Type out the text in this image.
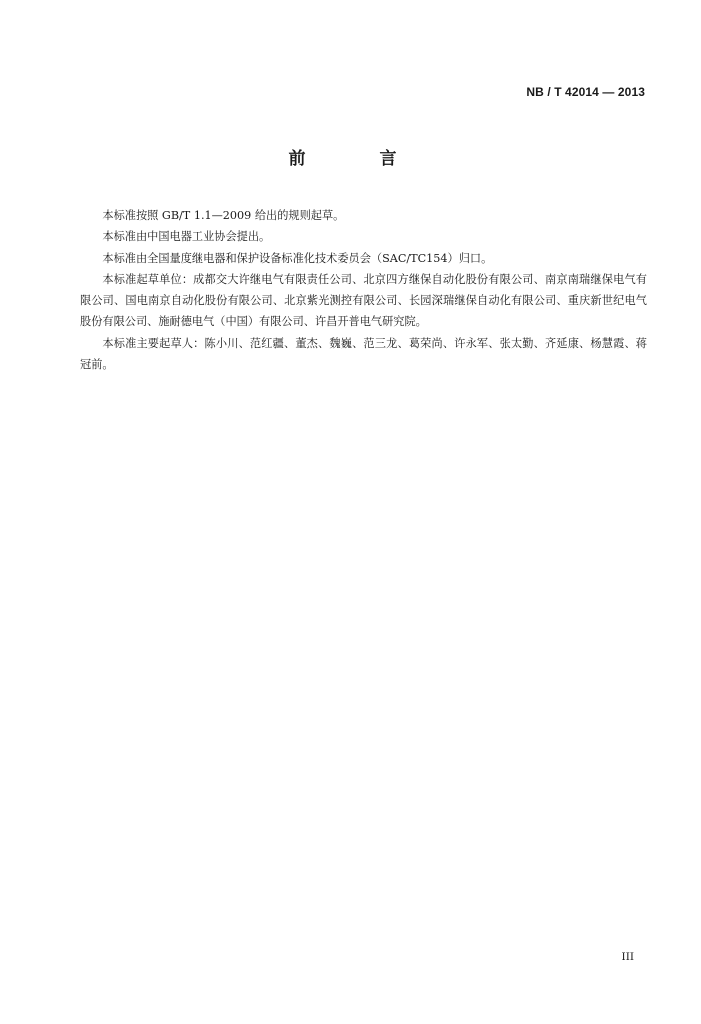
NB / T 42014 — 2013
前 言

本标准按照 GB/T 1.1—2009 给出的规则起草。

本标准由中国电器工业协会提出。

本标准由全国量度继电器和保护设备标准化技术委员会（SAC/TC154）归口。

本标准起草单位：成都交大许继电气有限责任公司、北京四方继保自动化股份有限公司、南京南瑞继保电气有限公司、国电南京自动化股份有限公司、北京紫光测控有限公司、长园深瑞继保自动化有限公司、重庆新世纪电气股份有限公司、施耐德电气（中国）有限公司、许昌开普电气研究院。

本标准主要起草人：陈小川、范红疆、董杰、魏巍、范三龙、葛荣尚、许永军、张太勤、齐延康、杨慧霞、蒋冠前。

III
